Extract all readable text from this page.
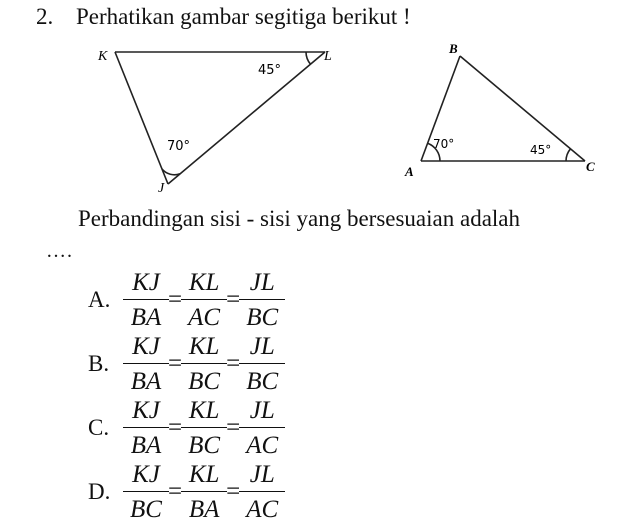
2. Perhatikan gambar segitiga berikut !
K	L
J
45°
70°
B
A	C
70°	45°
Perbandingan sisi - sisi yang bersesuaian adalah
….
A. $\frac{KJ}{BA} = \frac{KL}{AC} = \frac{JL}{BC}$
B. $\frac{KJ}{BA} = \frac{KL}{BC} = \frac{JL}{BC}$
C. $\frac{KJ}{BA} = \frac{KL}{BC} = \frac{JL}{AC}$
D. $\frac{KJ}{BC} = \frac{KL}{BA} = \frac{JL}{AC}$
